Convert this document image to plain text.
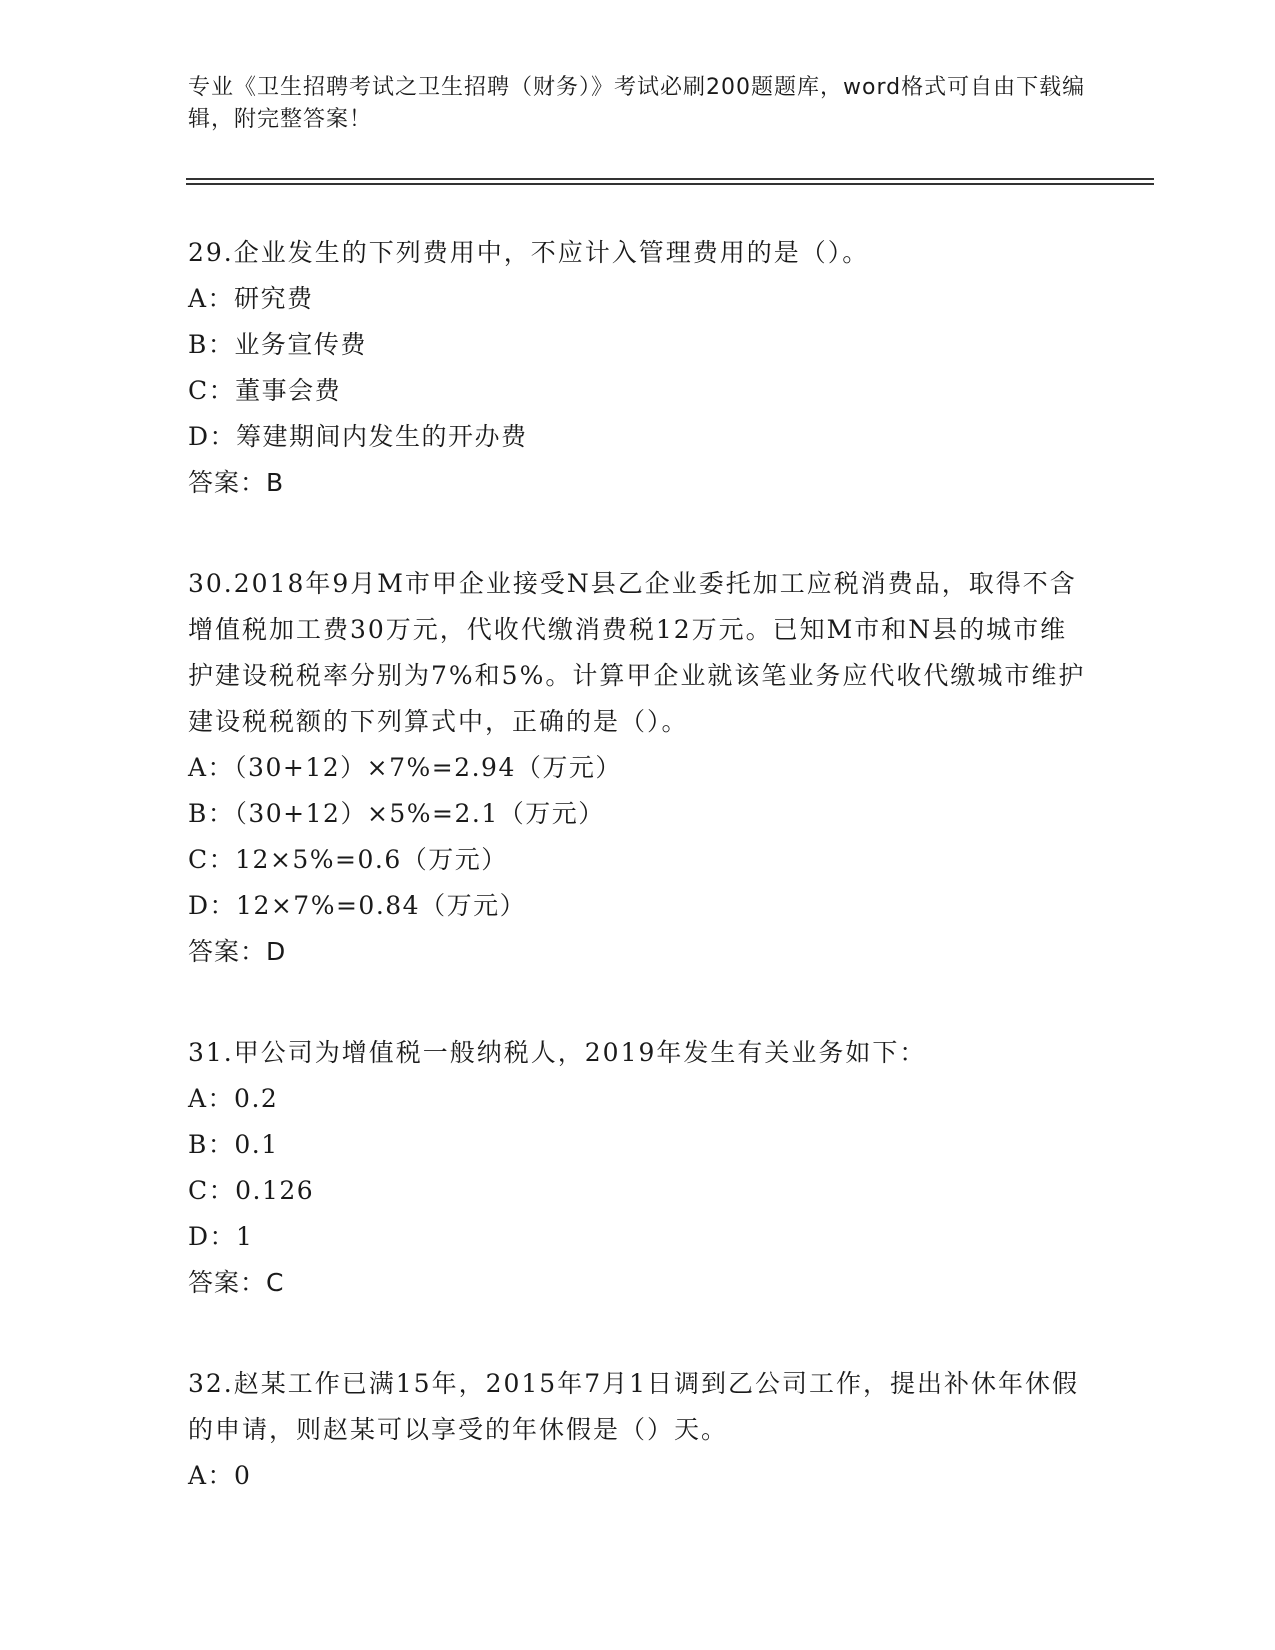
专业《卫生招聘考试之卫生招聘（财务）》考试必刷200题题库，word格式可自由下载编辑，附完整答案！

29.企业发生的下列费用中，不应计入管理费用的是（）。

A：研究费

B：业务宣传费

C：董事会费

D：筹建期间内发生的开办费

答案：B

30.2018年9月M市甲企业接受N县乙企业委托加工应税消费品，取得不含增值税加工费30万元，代收代缴消费税12万元。已知M市和N县的城市维护建设税税率分别为7%和5%。计算甲企业就该笔业务应代收代缴城市维护建设税税额的下列算式中，正确的是（）。

A：（30+12）×7%=2.94（万元）

B：（30+12）×5%=2.1（万元）

C：12×5%=0.6（万元）

D：12×7%=0.84（万元）

答案：D

31.甲公司为增值税一般纳税人，2019年发生有关业务如下：

A：0.2

B：0.1

C：0.126

D：1

答案：C

32.赵某工作已满15年，2015年7月1日调到乙公司工作，提出补休年休假的申请，则赵某可以享受的年休假是（）天。

A：0
